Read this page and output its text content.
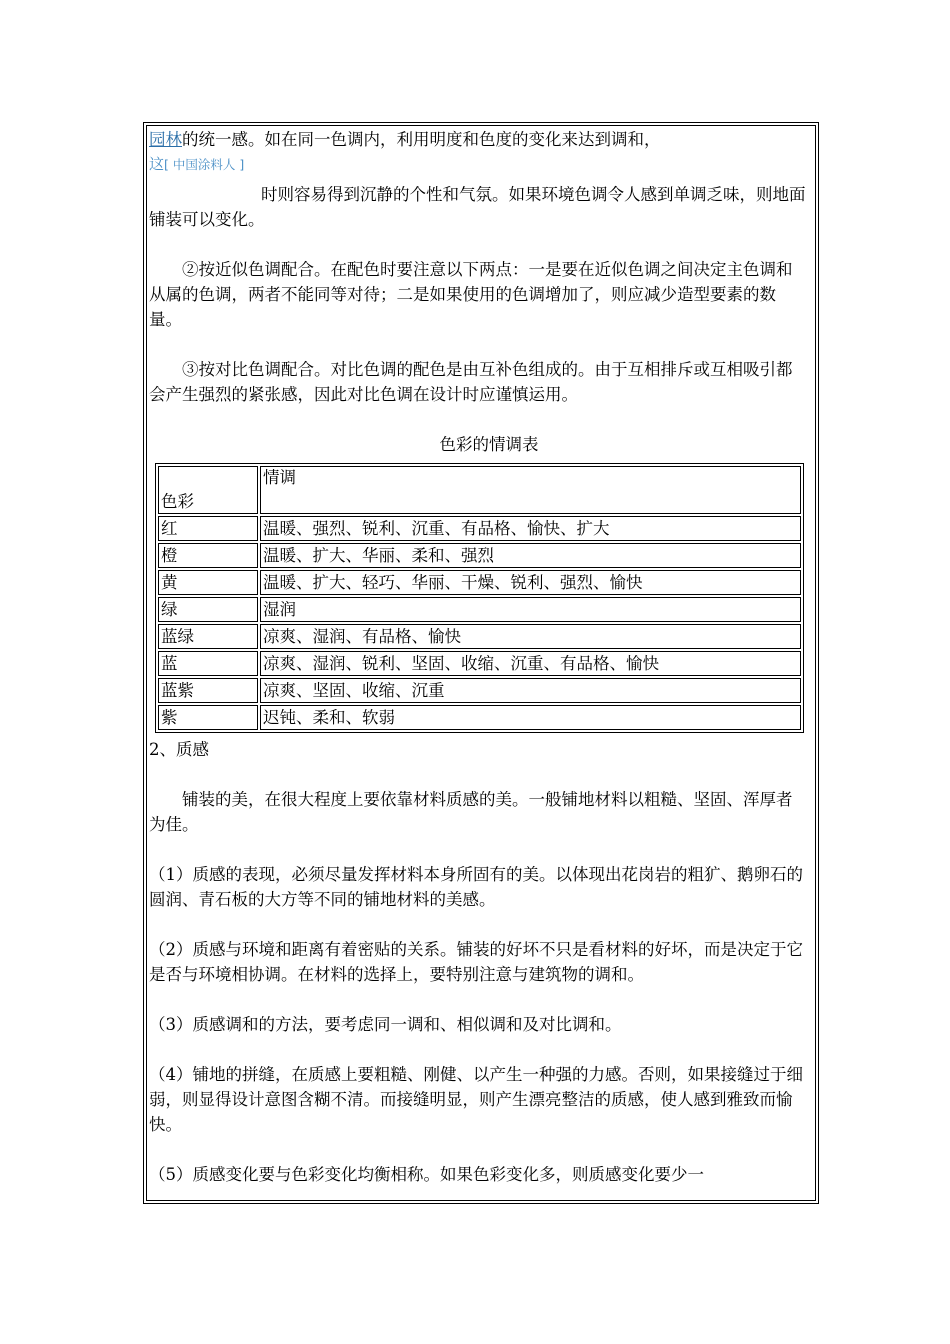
园林的统一感。如在同一色调内，利用明度和色度的变化来达到调和，

这[ 中国涂料人 ]

时则容易得到沉静的个性和气氛。如果环境色调令人感到单调乏味，则地面铺装可以变化。

②按近似色调配合。在配色时要注意以下两点：一是要在近似色调之间决定主色调和从属的色调，两者不能同等对待；二是如果使用的色调增加了，则应减少造型要素的数量。

③按对比色调配合。对比色调的配色是由互补色组成的。由于互相排斥或互相吸引都会产生强烈的紧张感，因此对比色调在设计时应谨慎运用。

色彩的情调表

色彩	情调
红	温暖、强烈、锐利、沉重、有品格、愉快、扩大
橙	温暖、扩大、华丽、柔和、强烈
黄	温暖、扩大、轻巧、华丽、干燥、锐利、强烈、愉快
绿	湿润
蓝绿	凉爽、湿润、有品格、愉快
蓝	凉爽、湿润、锐利、坚固、收缩、沉重、有品格、愉快
蓝紫	凉爽、坚固、收缩、沉重
紫	迟钝、柔和、软弱

2、质感

铺装的美，在很大程度上要依靠材料质感的美。一般铺地材料以粗糙、坚固、浑厚者为佳。

（1）质感的表现，必须尽量发挥材料本身所固有的美。以体现出花岗岩的粗犷、鹅卵石的圆润、青石板的大方等不同的铺地材料的美感。

（2）质感与环境和距离有着密贴的关系。铺装的好坏不只是看材料的好坏，而是决定于它是否与环境相协调。在材料的选择上，要特别注意与建筑物的调和。

（3）质感调和的方法，要考虑同一调和、相似调和及对比调和。

（4）铺地的拼缝，在质感上要粗糙、刚健、以产生一种强的力感。否则，如果接缝过于细弱，则显得设计意图含糊不清。而接缝明显，则产生漂亮整洁的质感，使人感到雅致而愉快。

（5）质感变化要与色彩变化均衡相称。如果色彩变化多，则质感变化要少一
